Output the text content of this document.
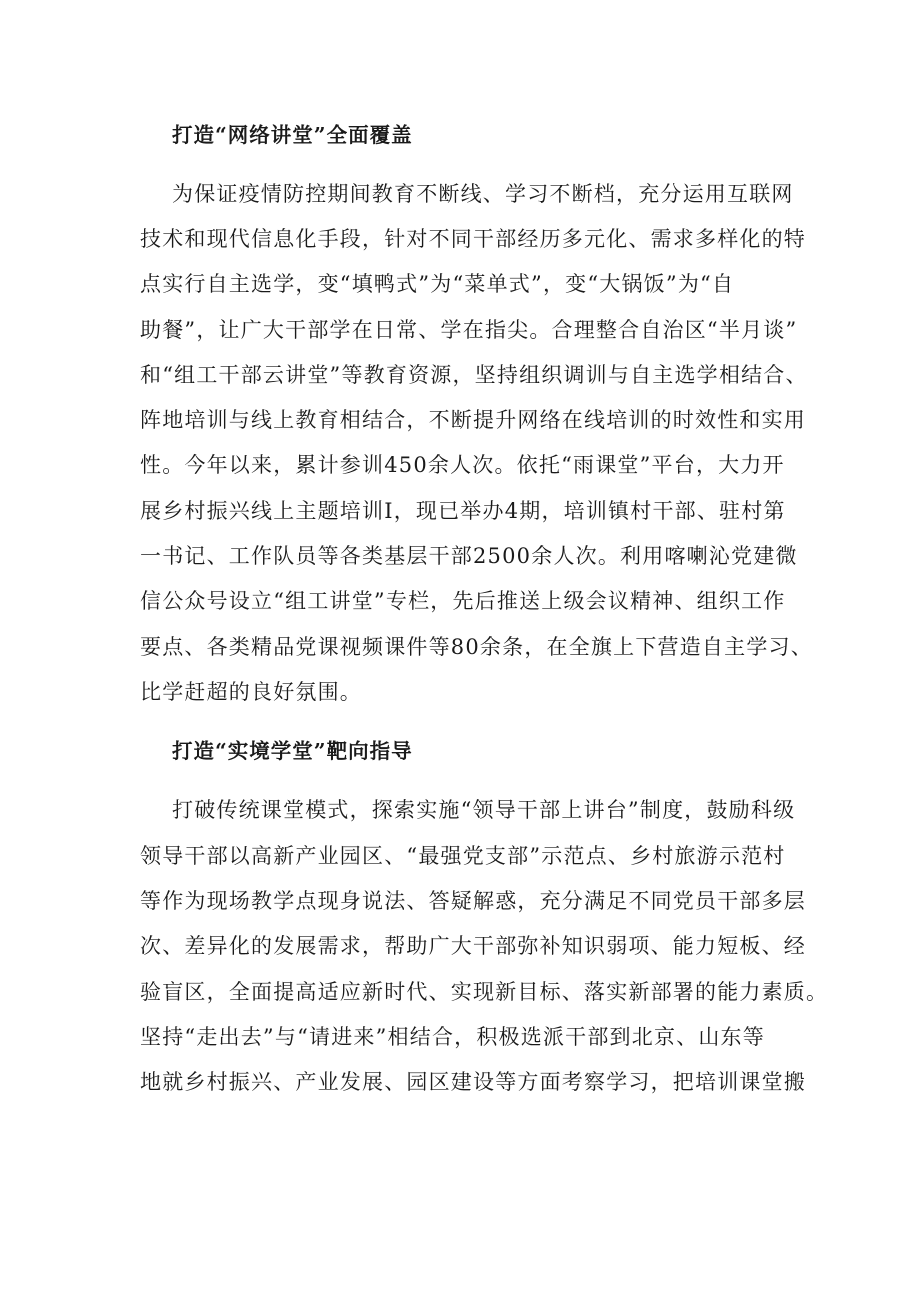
打造“网络讲堂”全面覆盖

为保证疫情防控期间教育不断线、学习不断档，充分运用互联网

技术和现代信息化手段，针对不同干部经历多元化、需求多样化的特

点实行自主选学，变“填鸭式”为“菜单式”，变“大锅饭”为“自

助餐”，让广大干部学在日常、学在指尖。合理整合自治区“半月谈”

和“组工干部云讲堂”等教育资源，坚持组织调训与自主选学相结合、

阵地培训与线上教育相结合，不断提升网络在线培训的时效性和实用

性。今年以来，累计参训450余人次。依托“雨课堂”平台，大力开

展乡村振兴线上主题培训I，现已举办4期，培训镇村干部、驻村第

一书记、工作队员等各类基层干部2500余人次。利用喀喇沁党建微

信公众号设立“组工讲堂”专栏，先后推送上级会议精神、组织工作

要点、各类精品党课视频课件等80余条，在全旗上下营造自主学习、

比学赶超的良好氛围。

打造“实境学堂”靶向指导

打破传统课堂模式，探索实施“领导干部上讲台”制度，鼓励科级

领导干部以高新产业园区、“最强党支部”示范点、乡村旅游示范村

等作为现场教学点现身说法、答疑解惑，充分满足不同党员干部多层

次、差异化的发展需求，帮助广大干部弥补知识弱项、能力短板、经

验盲区，全面提高适应新时代、实现新目标、落实新部署的能力素质。

坚持“走出去”与“请进来”相结合，积极选派干部到北京、山东等

地就乡村振兴、产业发展、园区建设等方面考察学习，把培训课堂搬
